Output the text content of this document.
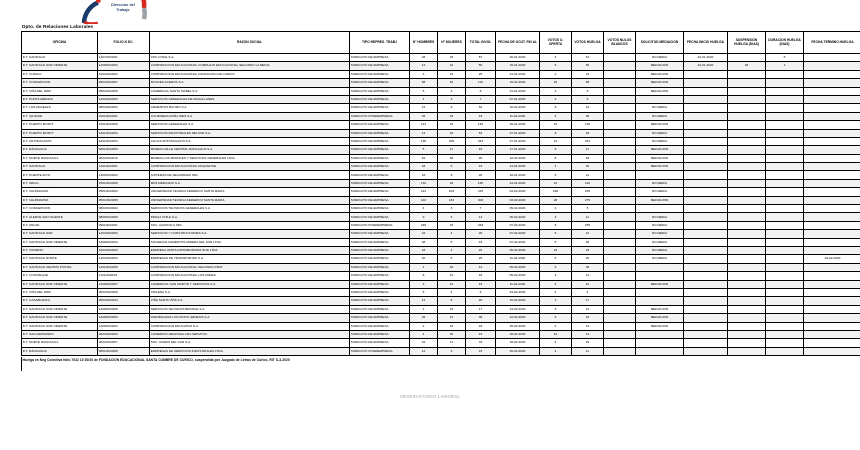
Dirección del
Trabajo
Dpto. de Relaciones Laborales
OFICINA	FOLIO N DC.	RAZON SOCIAL	TIPO REPRES. TRABJ	N° HOMBRES	N° MUJERES	TOTAL INVOL	FECHA DE OCUT. FIN AL	VOTOS U. OFERTA	VOTOS HUELGA	VOTOS NULOS BLANCOS	SOLICITUD MEDIACION	FECHA INICIO HUELGA	SUSPENSION HUELGA (DIAS)	DURACION HUELGA (DIAS)	FECHA TERMINO HUELGA
D.T. SANTIAGO	1407/2020/01	CPC-CHILE S.A.	SINDICATO DE EMPRESA	28	29	57	20-01-2020	3	51		NO MEDIA	22-01-2020		5	
D.T. SANTIAGO SUR ORIENTE	1408/2020/03	CORPORACION EDUCACIONAL COMPLEJO EDUCACIONAL SEGUNDO LA REINA	SINDICATO DE EMPRESA	14	42	56	15-01-2020	5	50		MEDIACION	24-01-2020	48	1	
D.T. CURICO	0102/2020/02	CORPORACION EDUCACIONAL FUNDACION DE CURICO	SINDICATO DE EMPRESA	3	22	25	21-01-2020	2	23		MEDIACION				
D.T. CONCEPCION	0803/2020/07	MOLDES ACEROS S.A.	SINDICATO DE EMPRESA	58	52	110	15-02-2020	25	85		MEDIACION				
D.T. VIÑA DEL MAR	0502/2020/05	COMERCIAL SANTA ISABEL S.A.	SINDICATO DE EMPRESA	5	3	8	31-01-2020	3	5		MEDIACION				
D.T. PUNTA ARENAS	1202/2020/02	SERVICIOS GENERALES DE MAGALLANES	SINDICATO DE EMPRESA	4	3	7	07-01-2020	2	5						
D.T. LOS ANGELES	0804/2020/02	CEMENTOS BIO BIO S.A.	SINDICATO DE EMPRESA	43	9	52	10-02-2020	8	44		NO MEDIA				
D.T. IQUIQUE	0101/2020/01	CIA MINERA DOÑA INES S.A.	SINDICATO INTEREMPRESA	25	18	43	11-02-2020	5	38		NO MEDIA				
D.T. PUERTO MONTT	1001/2020/06	SERVICIOS GENERALES S.A.	SINDICATO DE EMPRESA	124	22	146	20-01-2020	16	130		MEDIACION				
D.T. PUERTO MONTT	1001/2020/04	SERVICIOS INDUSTRIALES DELSUR S.A.	SINDICATO DE EMPRESA	13	40	53	27-01-2020	8	45		NO MEDIA				
D.T. ANTOFAGASTA	0201/2020/04	AGUAS ANTOFAGASTA S.A.	SINDICATO DE EMPRESA	138	205	343	27-01-2020	12	331		NO MEDIA				
D.T. RANCAGUA	0601/2020/03	MINERA VALLE CENTRAL RANCAGUA S.A.	SINDICATO DE EMPRESA	5	11	16	17-01-2020	5	11		MEDIACION				
D.T. NORTE RANCAGUA	0602/2020/10	MINERA LOS BRONCES Y SERVICIOS GENERALES LTDA.	SINDICATO DE EMPRESA	52	38	90	12-02-2020	8	82		MEDIACION				
D.T. SANTIAGO	1401/2020/01	CORPORACION EDUCACIONAL MAQUEHUE	SINDICATO DE EMPRESA	18	6	24	13-01-2020	4	20		MEDIACION				
D.T. PUENTE ALTO	1405/2020/02	SISTEMAS DE SEGURIDAD SPA.	SINDICATO DE EMPRESA	18	8	26	10-01-2020	5	21						
D.T. ARICA	1501/2020/08	MINI MERCADO S.A.	SINDICATO DE EMPRESA	132	18	150	24-01-2020	10	140		NO MEDIA				
D.T. VALPARAISO	0501/2020/02	UNIVERSIDAD TECNICA FEDERICO SANTA MARIA	SINDICATO DE EMPRESA	212	203	415	03-02-2020	180	235		NO MEDIA				
D.T. VALPARAISO	0501/2020/05	UNIVERSIDAD TECNICA FEDERICO SANTA MARIA	SINDICATO DE EMPRESA	140	163	303	03-02-2020	28	275		MEDIACION				
D.T. CONCEPCION	0803/2020/02	SERVICIOS TECNICOS GENERALES S.A.	SINDICATO DE EMPRESA	4	3	7	05-02-2020	2	5						
D.T. ALERCE SAN VICENTE	0805/2020/09	PESCA CHILE S.A.	SINDICATO DE EMPRESA	9	5	14	05-02-2020	3	11		NO MEDIA				
D.T. ANGOL	0901/2020/01	SOC. AGRICOLA SPA.	SINDICATO INTEREMPRESA	248	15	263	07-02-2020	8	255		NO MEDIA				
D.T. SANTIAGO SUR	1403/2020/03	SERVICIOS Y CONSTRUCCIONES S.A.	SINDICATO DE EMPRESA	22	4	26	07-02-2020	5	21		NO MEDIA				
D.T. SANTIAGO SUR ORIENTE	1408/2020/04	SOCIEDAD ALIMENTOS MINERA DEL SUR LTDA.	SINDICATO DE EMPRESA	38	5	43	07-02-2020	5	38		NO MEDIA				
D.T. OSORNO	1002/2020/02	EMPRESA VENTA DISTRIBUIDORA SUR LTDA.	SINDICATO DE EMPRESA	18	4	22	06-02-2020	22	18		NO MEDIA				
D.T. SANTIAGO NORTE	1402/2020/03	EMPRESAS DE TRANSPORTES S.A.	SINDICATO DE EMPRESA	20	5	25	11-02-2020	5	20		NO MEDIA				25-02-2020
D.T. SANTIAGO CENTRO POSTAL	1401/2020/05	CORPORACION EDUCACIONAL SEGUNDO PRAT.	SINDICATO DE EMPRESA	1	40	41	05-02-2020	5	36						
D.T. COIHUEQUE	1101/2020/01	CORPORACION EDUCACIONAL LOS ANDES.	SINDICATO DE EMPRESA	8	10	18	05-02-2020	4	14						
D.T. SANTIAGO SUR ORIENTE	1408/2020/07	COMERCIAL SAN MARTIN Y SERVICIOS S.A.	SINDICATO DE EMPRESA	3	12	15	11-02-2020	5	10		MEDIACION				
D.T. VIÑA DEL MAR	0502/2020/06	CHILENA S.A.	SINDICATO DE EMPRESA	5	4	9	24-02-2020	5	4						
D.T. CASABLANCA	0503/2020/04	VIÑA SANTA VIÑA S.A.	SINDICATO DE EMPRESA	12	8	20	15-02-2020	3	17						
D.T. SANTIAGO SUR ORIENTE	1408/2020/05	SERVICIOS TECNICOS BRONCE S.A.	SINDICATO DE EMPRESA	2	15	17	13-02-2020	5	12		MEDIACION				
D.T. SANTIAGO SUR ORIENTE	1408/2020/03	INMOBILIARIA LOS PINOS GENESIS S.A.	SINDICATO DE EMPRESA	26	12	38	12-02-2020	5	33		MEDIACION				
D.T. SANTIAGO SUR ORIENTE	1408/2020/02	CORPORACION EDUCATIVA S.A.	SINDICATO DE EMPRESA	2	16	18	25-02-2020	5	13		MEDIACION				
D.T. SAN FERNANDO	0603/2020/02	COMERCIO REGIONAL DEL SERVICIO.	SINDICATO DE EMPRESA	4	20	24	18-02-2020	10	14						
D.T. NORTE RANCAGUA	0602/2020/07	SOC. ACERO DEL SUR S.A.	SINDICATO DE EMPRESA	22	11	33	18-02-2020	4	29						
D.T. RANCAGUA	0601/2020/08	EMPRESAS DE SERVICIOS INDUSTRIALES LTDA.	SINDICATO INTEREMPRESA	12	3	15	25-02-2020	4	11						
*Huelga en Neg Colectiva folio 7032 10 30/20 de FUNDACION EDUCACIONAL SANTA CUMBRE DE CURICO, suspendida por Juzgado de Letras de Curicó, RIT S-3-2020
OBSERVATORIO LABORAL
